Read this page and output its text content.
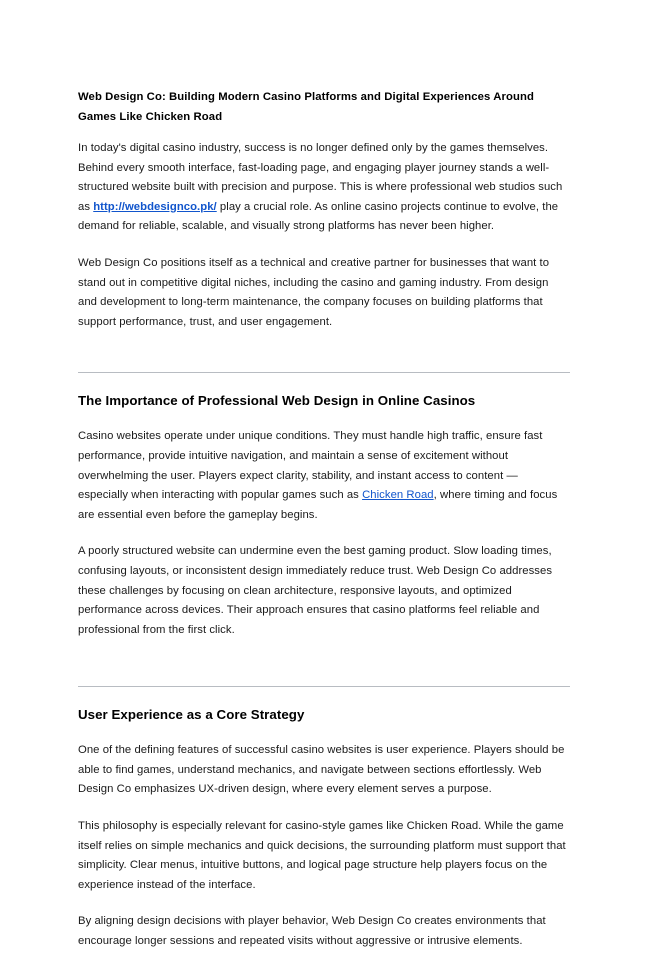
Web Design Co: Building Modern Casino Platforms and Digital Experiences Around Games Like Chicken Road

In today's digital casino industry, success is no longer defined only by the games themselves. Behind every smooth interface, fast-loading page, and engaging player journey stands a well-structured website built with precision and purpose. This is where professional web studios such as http://webdesignco.pk/ play a crucial role. As online casino projects continue to evolve, the demand for reliable, scalable, and visually strong platforms has never been higher.

Web Design Co positions itself as a technical and creative partner for businesses that want to stand out in competitive digital niches, including the casino and gaming industry. From design and development to long-term maintenance, the company focuses on building platforms that support performance, trust, and user engagement.

The Importance of Professional Web Design in Online Casinos

Casino websites operate under unique conditions. They must handle high traffic, ensure fast performance, provide intuitive navigation, and maintain a sense of excitement without overwhelming the user. Players expect clarity, stability, and instant access to content — especially when interacting with popular games such as Chicken Road, where timing and focus are essential even before the gameplay begins.

A poorly structured website can undermine even the best gaming product. Slow loading times, confusing layouts, or inconsistent design immediately reduce trust. Web Design Co addresses these challenges by focusing on clean architecture, responsive layouts, and optimized performance across devices. Their approach ensures that casino platforms feel reliable and professional from the first click.

User Experience as a Core Strategy

One of the defining features of successful casino websites is user experience. Players should be able to find games, understand mechanics, and navigate between sections effortlessly. Web Design Co emphasizes UX-driven design, where every element serves a purpose.

This philosophy is especially relevant for casino-style games like Chicken Road. While the game itself relies on simple mechanics and quick decisions, the surrounding platform must support that simplicity. Clear menus, intuitive buttons, and logical page structure help players focus on the experience instead of the interface.

By aligning design decisions with player behavior, Web Design Co creates environments that encourage longer sessions and repeated visits without aggressive or intrusive elements.
